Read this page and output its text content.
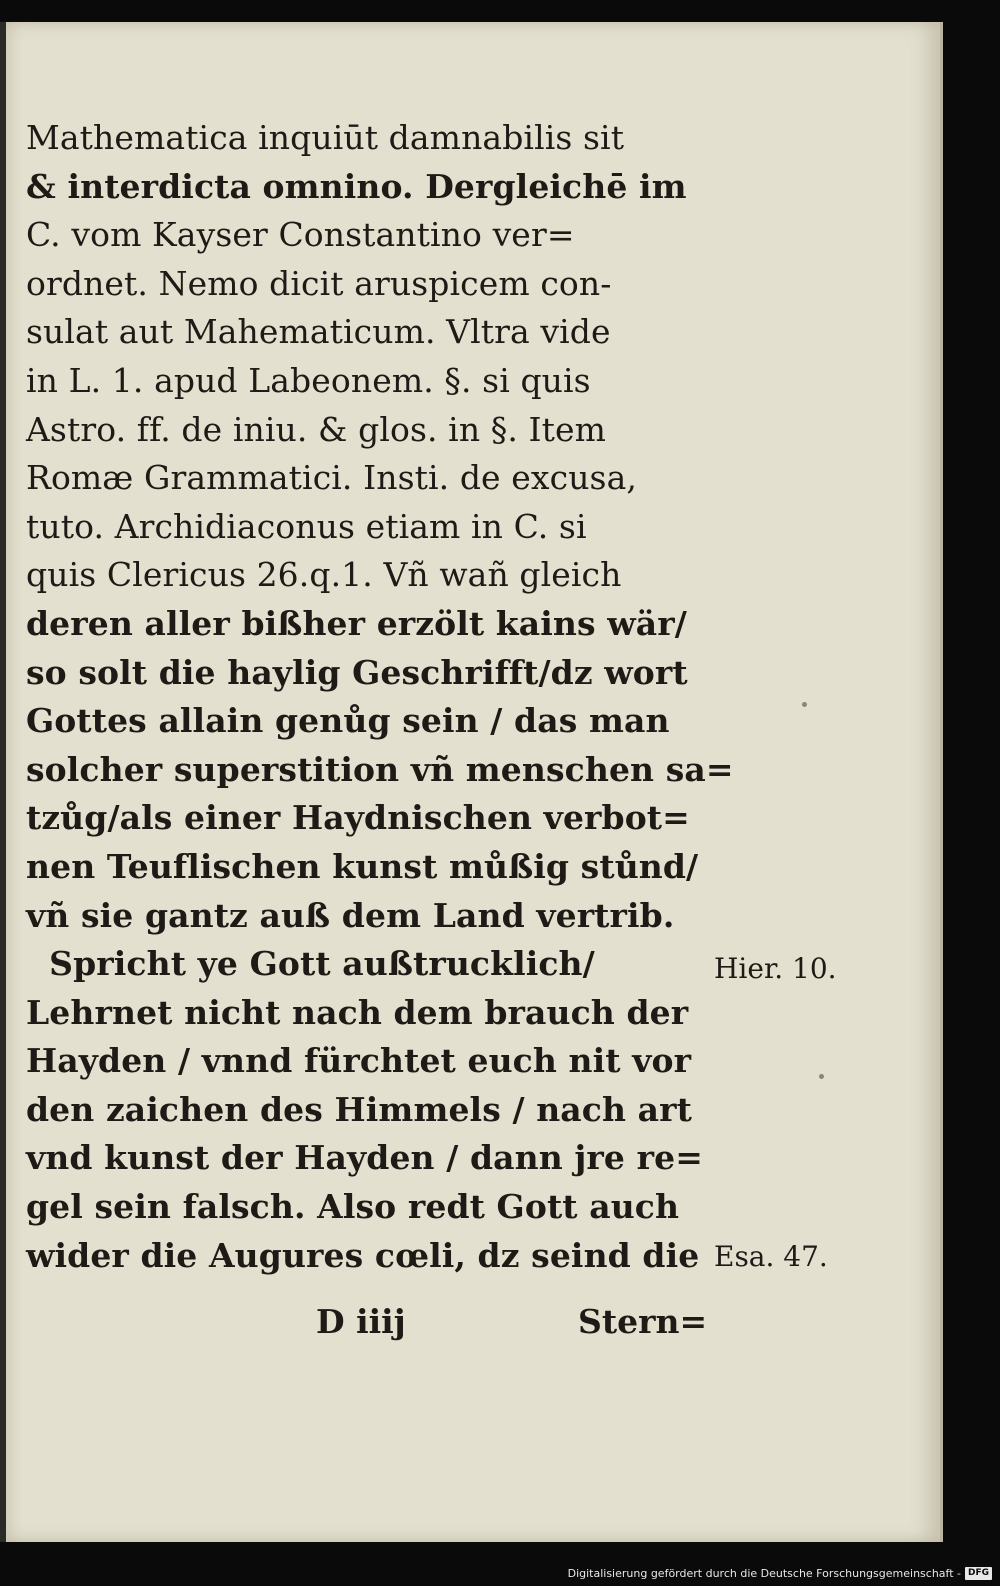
Mathematica inquiūt damnabilis sit
& interdicta omnino. Dergleichē im
C. vom Kayser Constantino ver=
ordnet. Nemo dicit aruspicem con-
sulat aut Mahematicum. Vltra vide
in L. 1. apud Labeonem. §. si quis
Astro. ff. de iniu. & glos. in §. Item
Romæ Grammatici. Insti. de excusa,
tuto. Archidiaconus etiam in C. si
quis Clericus 26.q.1. Vñ wañ gleich
deren aller bißher erzölt kains wär/
so solt die haylig Geschrifft/dz wort
Gottes allain genůg sein / das man
solcher superstition vñ menschen sa=
tzůg/als einer Haydnischen verbot=
nen Teuflischen kunst můßig stůnd/
vñ sie gantz auß dem Land vertrib.
Spricht ye Gott außtrucklich/
Lehrnet nicht nach dem brauch der
Hayden / vnnd fürchtet euch nit vor
den zaichen des Himmels / nach art
vnd kunst der Hayden / dann jre re=
gel sein falsch. Also redt Gott auch
wider die Augures cœli, dz seind die
Hier. 10.
Esa. 47.
D iiij	Stern=
Digitalisierung gefördert durch die Deutsche Forschungsgemeinschaft - DFG
